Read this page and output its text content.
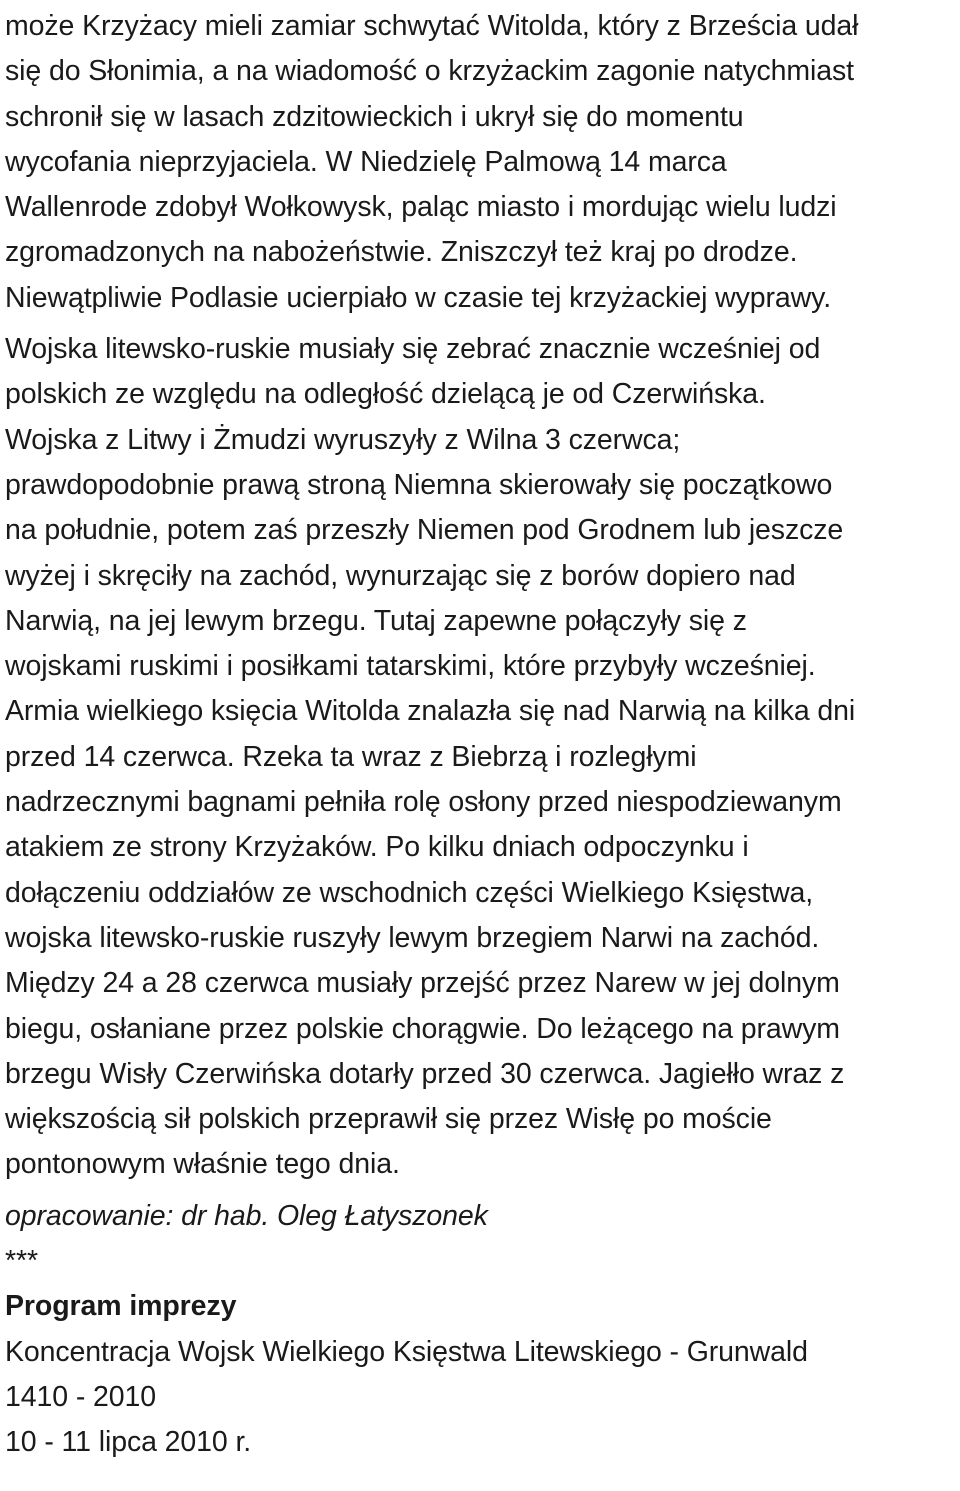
może Krzyżacy mieli zamiar schwytać Witolda, który z Brześcia udał
się do Słonimia, a na wiadomość o krzyżackim zagonie natychmiast
schronił się w lasach zdzitowieckich i ukrył się do momentu
wycofania nieprzyjaciela. W Niedzielę Palmową 14 marca
Wallenrode zdobył Wołkowysk, paląc miasto i mordując wielu ludzi
zgromadzonych na nabożeństwie. Zniszczył też kraj po drodze.
Niewątpliwie Podlasie ucierpiało w czasie tej krzyżackiej wyprawy.
Wojska litewsko-ruskie musiały się zebrać znacznie wcześniej od
polskich ze względu na odległość dzielącą je od Czerwińska.
Wojska z Litwy i Żmudzi wyruszyły z Wilna 3 czerwca;
prawdopodobnie prawą stroną Niemna skierowały się początkowo
na południe, potem zaś przeszły Niemen pod Grodnem lub jeszcze
wyżej i skręciły na zachód, wynurzając się z borów dopiero nad
Narwią, na jej lewym brzegu. Tutaj zapewne połączyły się z
wojskami ruskimi i posiłkami tatarskimi, które przybyły wcześniej.
Armia wielkiego księcia Witolda znalazła się nad Narwią na kilka dni
przed 14 czerwca. Rzeka ta wraz z Biebrzą i rozległymi
nadrzecznymi bagnami pełniła rolę osłony przed niespodziewanym
atakiem ze strony Krzyżaków. Po kilku dniach odpoczynku i
dołączeniu oddziałów ze wschodnich części Wielkiego Księstwa,
wojska litewsko-ruskie ruszyły lewym brzegiem Narwi na zachód.
Między 24 a 28 czerwca musiały przejść przez Narew w jej dolnym
biegu, osłaniane przez polskie chorągwie. Do leżącego na prawym
brzegu Wisły Czerwińska dotarły przed 30 czerwca. Jagiełło wraz z
większością sił polskich przeprawił się przez Wisłę po moście
pontonowym właśnie tego dnia.
opracowanie: dr hab. Oleg Łatyszonek
***
Program imprezy
Koncentracja Wojsk Wielkiego Księstwa Litewskiego - Grunwald
1410 - 2010
10 - 11 lipca 2010 r.
